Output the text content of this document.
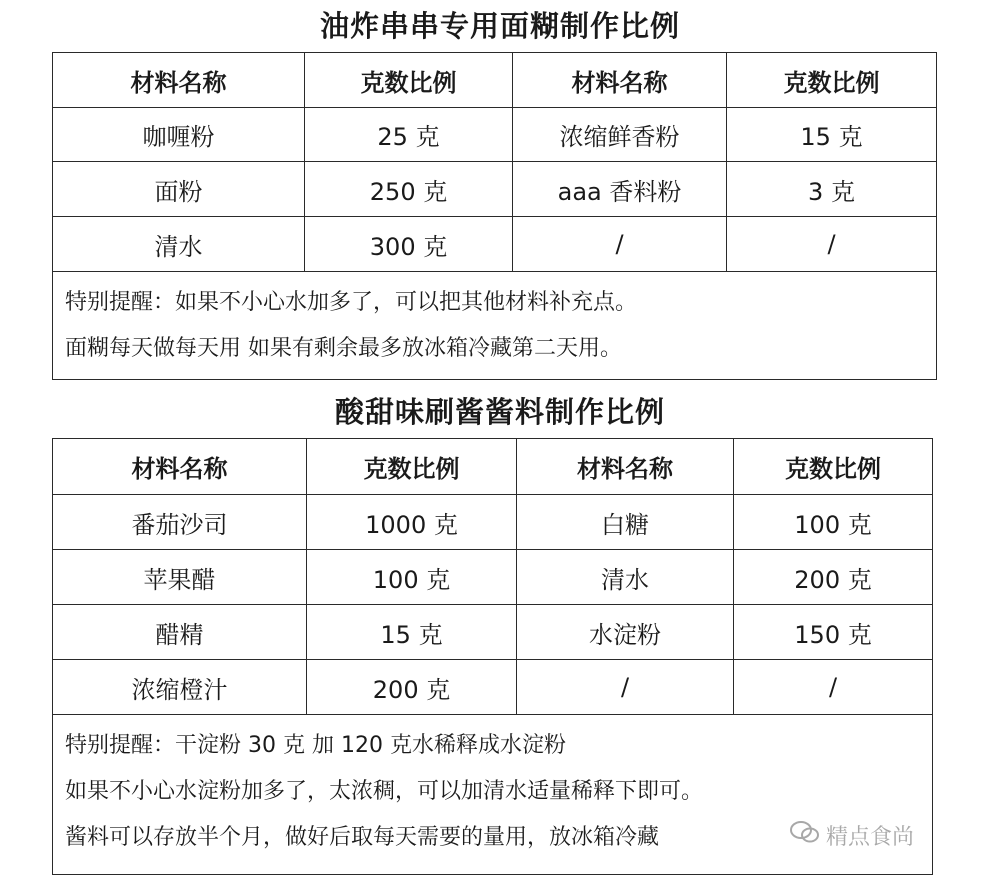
油炸串串专用面糊制作比例
材料名称	克数比例	材料名称	克数比例
咖喱粉	25 克	浓缩鲜香粉	15 克
面粉	250 克	aaa 香料粉	3 克
清水	300 克	/	/

特别提醒：如果不小心水加多了，可以把其他材料补充点。
面糊每天做每天用 如果有剩余最多放冰箱冷藏第二天用。			
酸甜味刷酱酱料制作比例
材料名称	克数比例	材料名称	克数比例
番茄沙司	1000 克	白糖	100 克
苹果醋	100 克	清水	200 克
醋精	15 克	水淀粉	150 克
浓缩橙汁	200 克	/	/

特别提醒：干淀粉 30 克 加 120 克水稀释成水淀粉
如果不小心水淀粉加多了，太浓稠，可以加清水适量稀释下即可。
酱料可以存放半个月，做好后取每天需要的量用，放冰箱冷藏				精点食尚
